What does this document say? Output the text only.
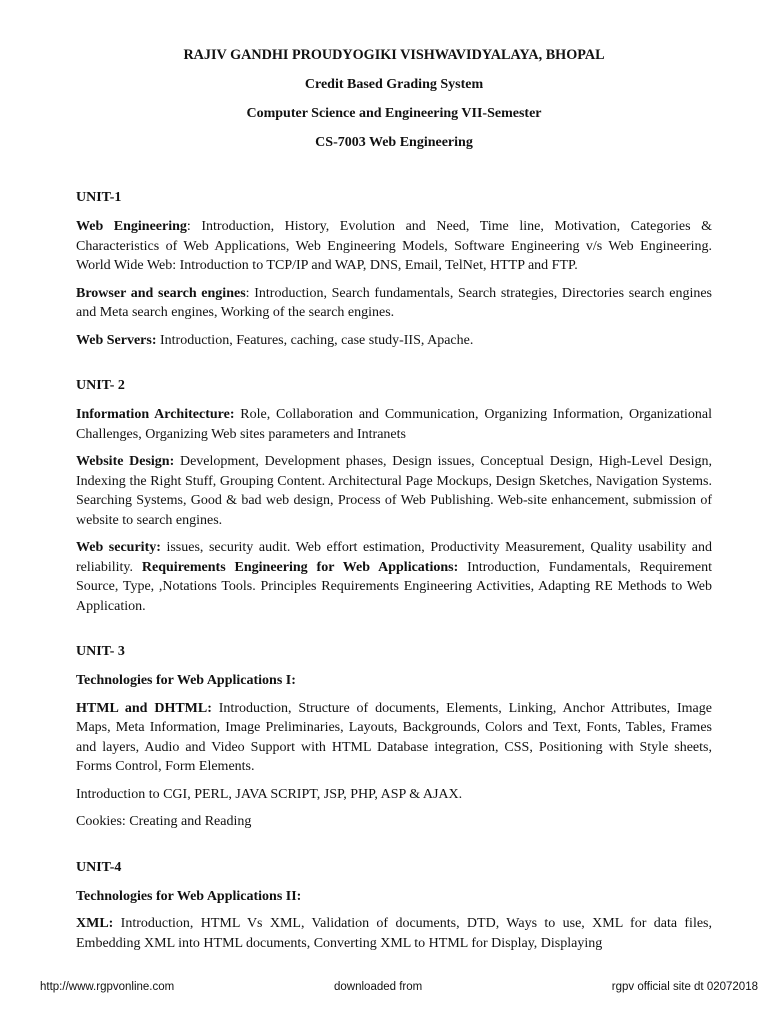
RAJIV GANDHI PROUDYOGIKI VISHWAVIDYALAYA, BHOPAL
Credit Based Grading System
Computer Science and Engineering VII-Semester
CS-7003 Web Engineering
UNIT-1

Web Engineering: Introduction, History, Evolution and Need, Time line, Motivation, Categories & Characteristics of Web Applications, Web Engineering Models, Software Engineering v/s Web Engineering. World Wide Web: Introduction to TCP/IP and WAP, DNS, Email, TelNet, HTTP and FTP.

Browser and search engines: Introduction, Search fundamentals, Search strategies, Directories search engines and Meta search engines, Working of the search engines.

Web Servers: Introduction, Features, caching, case study-IIS, Apache.

UNIT- 2

Information Architecture: Role, Collaboration and Communication, Organizing Information, Organizational Challenges, Organizing Web sites parameters and Intranets

Website Design: Development, Development phases, Design issues, Conceptual Design, High-Level Design, Indexing the Right Stuff, Grouping Content. Architectural Page Mockups, Design Sketches, Navigation Systems. Searching Systems, Good & bad web design, Process of Web Publishing. Web-site enhancement, submission of website to search engines.

Web security: issues, security audit. Web effort estimation, Productivity Measurement, Quality usability and reliability. Requirements Engineering for Web Applications: Introduction, Fundamentals, Requirement Source, Type, ,Notations Tools. Principles Requirements Engineering Activities, Adapting RE Methods to Web Application.

UNIT- 3
Technologies for Web Applications I:

HTML and DHTML: Introduction, Structure of documents, Elements, Linking, Anchor Attributes, Image Maps, Meta Information, Image Preliminaries, Layouts, Backgrounds, Colors and Text, Fonts, Tables, Frames and layers, Audio and Video Support with HTML Database integration, CSS, Positioning with Style sheets, Forms Control, Form Elements.

Introduction to CGI, PERL, JAVA SCRIPT, JSP, PHP, ASP & AJAX.

Cookies: Creating and Reading

UNIT-4
Technologies for Web Applications II:

XML: Introduction, HTML Vs XML, Validation of documents, DTD, Ways to use, XML for data files, Embedding XML into HTML documents, Converting XML to HTML for Display, Displaying

http://www.rgpvonline.com	downloaded from	rgpv official site dt 02072018
